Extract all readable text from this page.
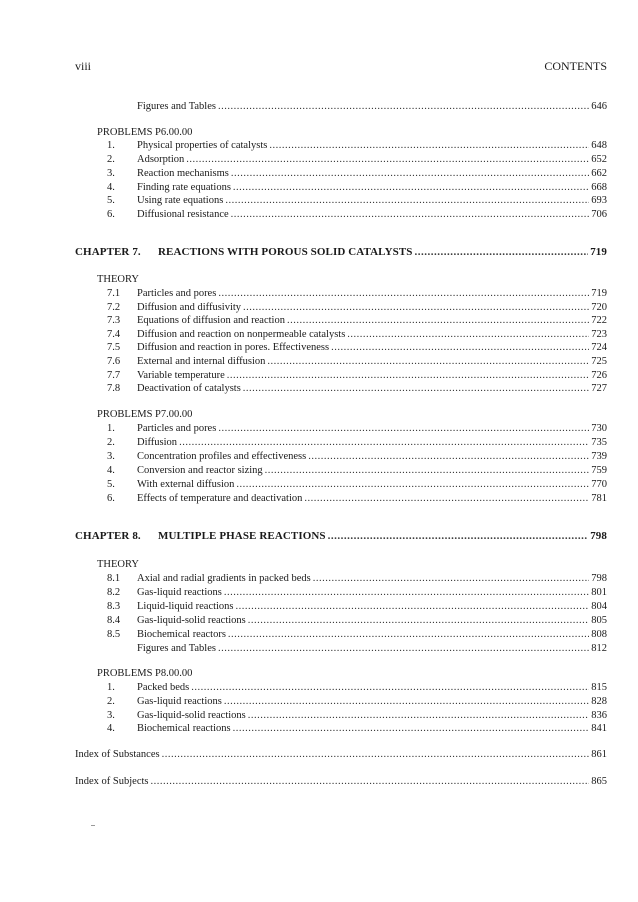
viii	CONTENTS
Figures and Tables .....	646
PROBLEMS P6.00.00
1. Physical properties of catalysts .....	648
2. Adsorption .....	652
3. Reaction mechanisms .....	662
4. Finding rate equations .....	668
5. Using rate equations .....	693
6. Diffusional resistance .....	706
CHAPTER 7. REACTIONS WITH POROUS SOLID CATALYSTS .....	719
THEORY
7.1 Particles and pores .....	719
7.2 Diffusion and diffusivity .....	720
7.3 Equations of diffusion and reaction .....	722
7.4 Diffusion and reaction on nonpermeable catalysts .....	723
7.5 Diffusion and reaction in pores. Effectiveness .....	724
7.6 External and internal diffusion .....	725
7.7 Variable temperature .....	726
7.8 Deactivation of catalysts .....	727
PROBLEMS P7.00.00
1. Particles and pores .....	730
2. Diffusion .....	735
3. Concentration profiles and effectiveness .....	739
4. Conversion and reactor sizing .....	759
5. With external diffusion .....	770
6. Effects of temperature and deactivation .....	781
CHAPTER 8. MULTIPLE PHASE REACTIONS .....	798
THEORY
8.1 Axial and radial gradients in packed beds .....	798
8.2 Gas-liquid reactions .....	801
8.3 Liquid-liquid reactions .....	804
8.4 Gas-liquid-solid reactions .....	805
8.5 Biochemical reactors .....	808
Figures and Tables .....	812
PROBLEMS P8.00.00
1. Packed beds .....	815
2. Gas-liquid reactions .....	828
3. Gas-liquid-solid reactions .....	836
4. Biochemical reactions .....	841
Index of Substances .....	861
Index of Subjects .....	865
